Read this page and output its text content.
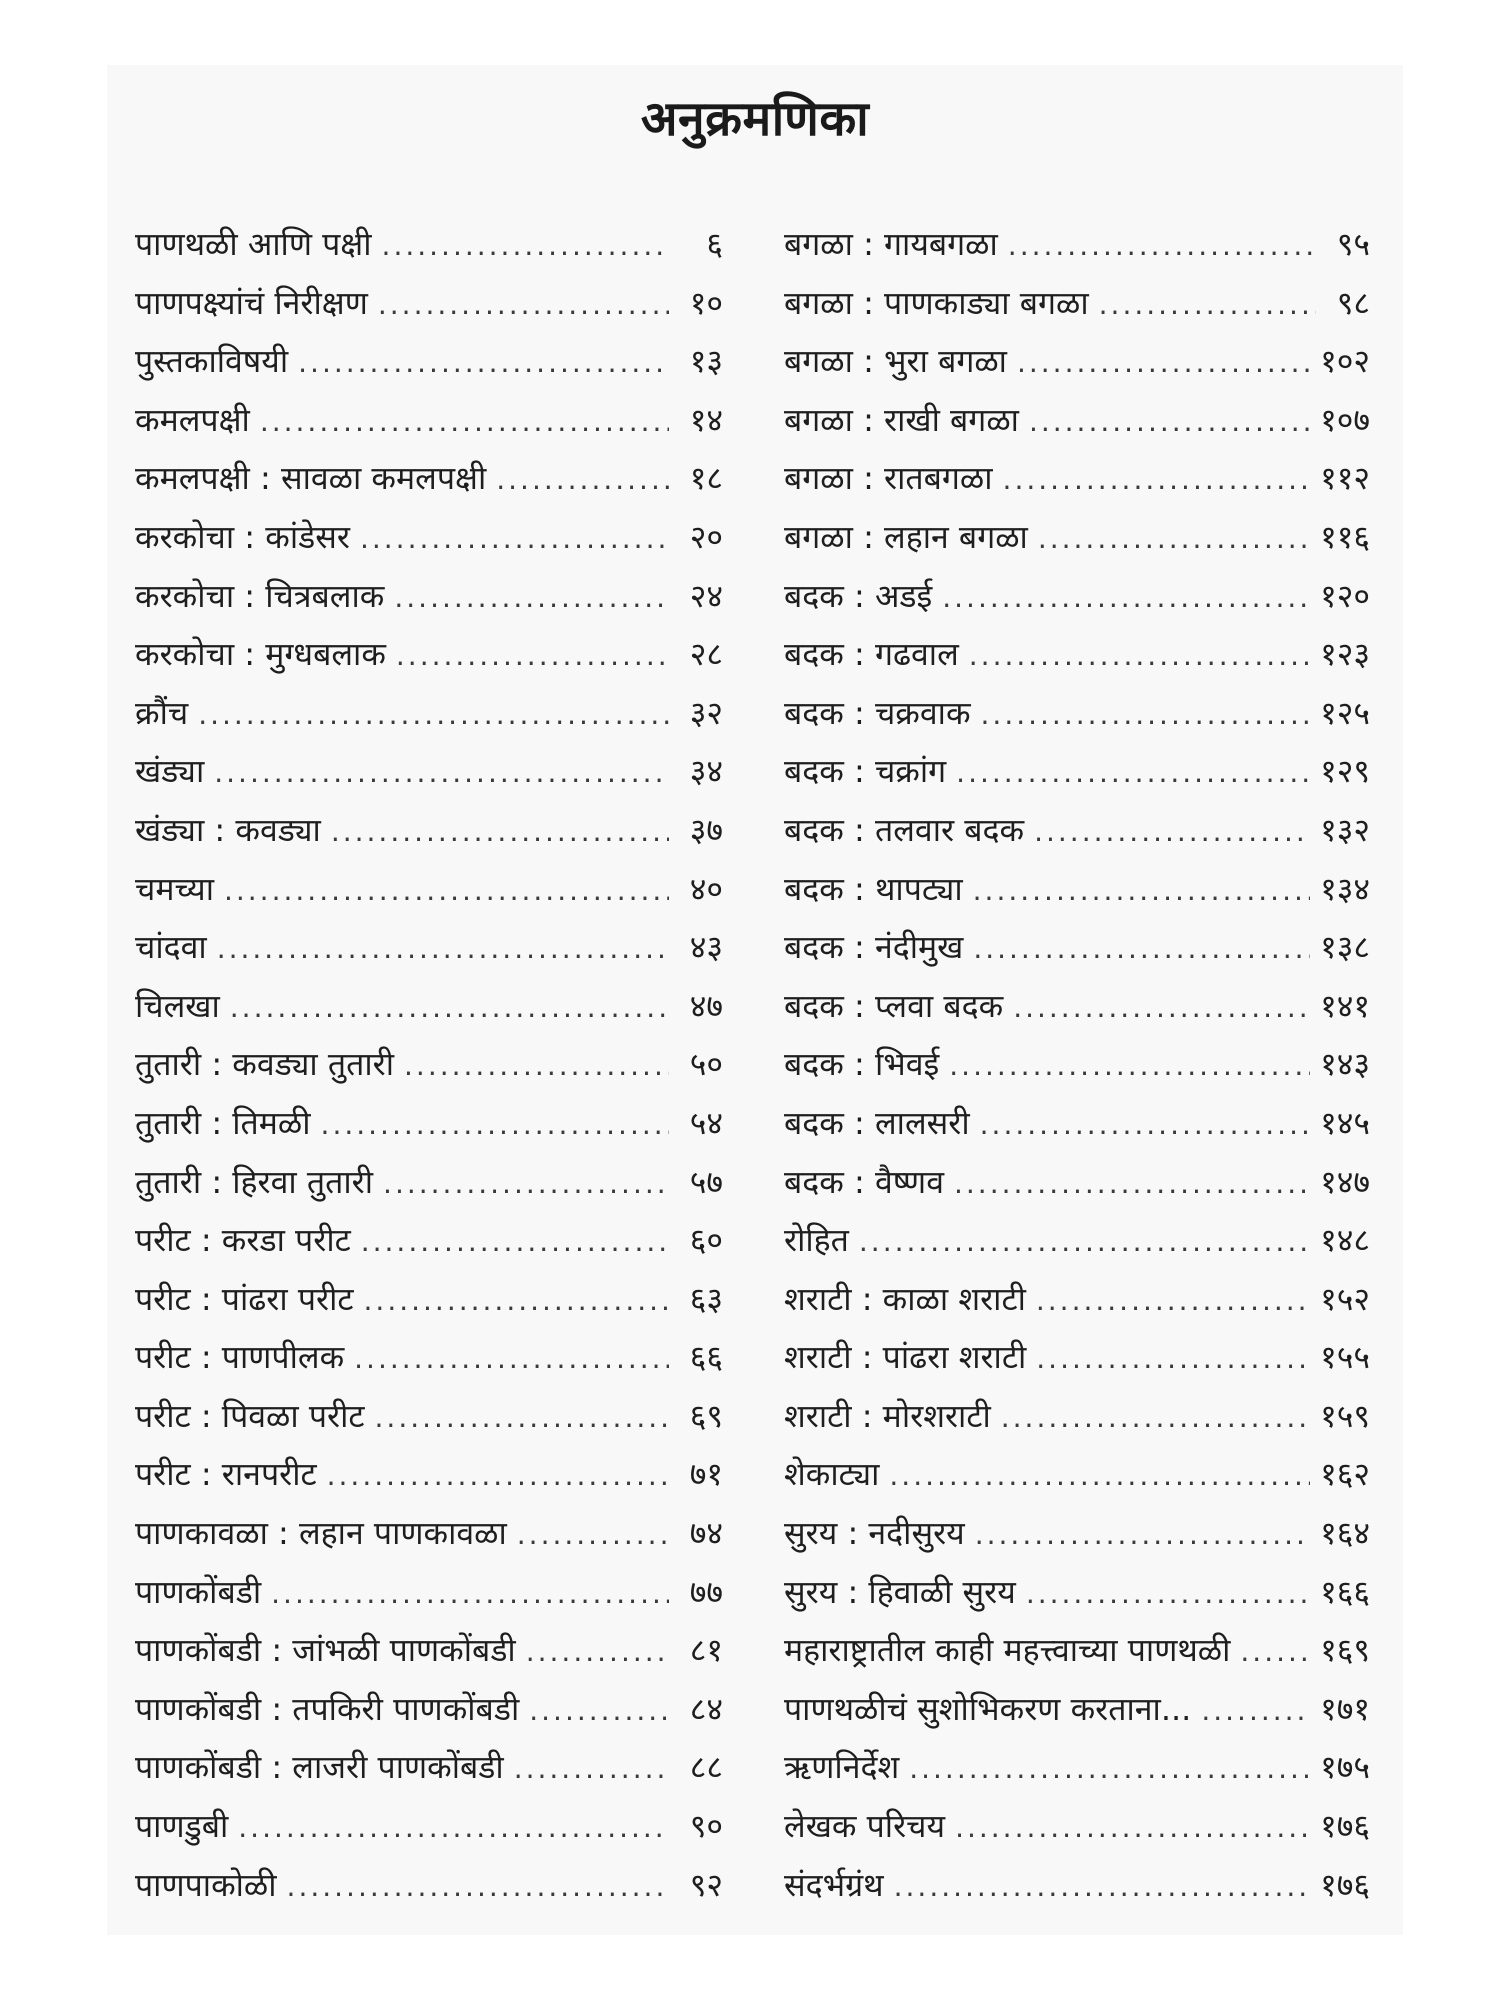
अनुक्रमणिका
पाणथळी आणि पक्षी .....	६
पाणपक्ष्यांचं निरीक्षण .....	१०
पुस्तकाविषयी .....	१३
कमलपक्षी .....	१४
कमलपक्षी : सावळा कमलपक्षी .....	१८
करकोचा : कांडेसर .....	२०
करकोचा : चित्रबलाक .....	२४
करकोचा : मुग्धबलाक .....	२८
क्रौंच .....	३२
खंड्या .....	३४
खंड्या : कवड्या .....	३७
चमच्या .....	४०
चांदवा .....	४३
चिलखा .....	४७
तुतारी : कवड्या तुतारी .....	५०
तुतारी : तिमळी .....	५४
तुतारी : हिरवा तुतारी .....	५७
परीट : करडा परीट .....	६०
परीट : पांढरा परीट .....	६३
परीट : पाणपीलक .....	६६
परीट : पिवळा परीट .....	६९
परीट : रानपरीट .....	७१
पाणकावळा : लहान पाणकावळा .....	७४
पाणकोंबडी .....	७७
पाणकोंबडी : जांभळी पाणकोंबडी .....	८१
पाणकोंबडी : तपकिरी पाणकोंबडी .....	८४
पाणकोंबडी : लाजरी पाणकोंबडी .....	८८
पाणडुबी .....	९०
पाणपाकोळी .....	९२
बगळा : गायबगळा .....	९५
बगळा : पाणकाड्या बगळा .....	९८
बगळा : भुरा बगळा .....	१०२
बगळा : राखी बगळा .....	१०७
बगळा : रातबगळा .....	११२
बगळा : लहान बगळा .....	११६
बदक : अडई .....	१२०
बदक : गढवाल .....	१२३
बदक : चक्रवाक .....	१२५
बदक : चक्रांग .....	१२९
बदक : तलवार बदक .....	१३२
बदक : थापट्या .....	१३४
बदक : नंदीमुख .....	१३८
बदक : प्लवा बदक .....	१४१
बदक : भिवई .....	१४३
बदक : लालसरी .....	१४५
बदक : वैष्णव .....	१४७
रोहित .....	१४८
शराटी : काळा शराटी .....	१५२
शराटी : पांढरा शराटी .....	१५५
शराटी : मोरशराटी .....	१५९
शेकाट्या .....	१६२
सुरय : नदीसुरय .....	१६४
सुरय : हिवाळी सुरय .....	१६६
महाराष्ट्रातील काही महत्त्वाच्या पाणथळी .....	१६९
पाणथळीचं सुशोभिकरण करताना... .....	१७१
ऋणनिर्देश .....	१७५
लेखक परिचय .....	१७६
संदर्भग्रंथ .....	१७६
